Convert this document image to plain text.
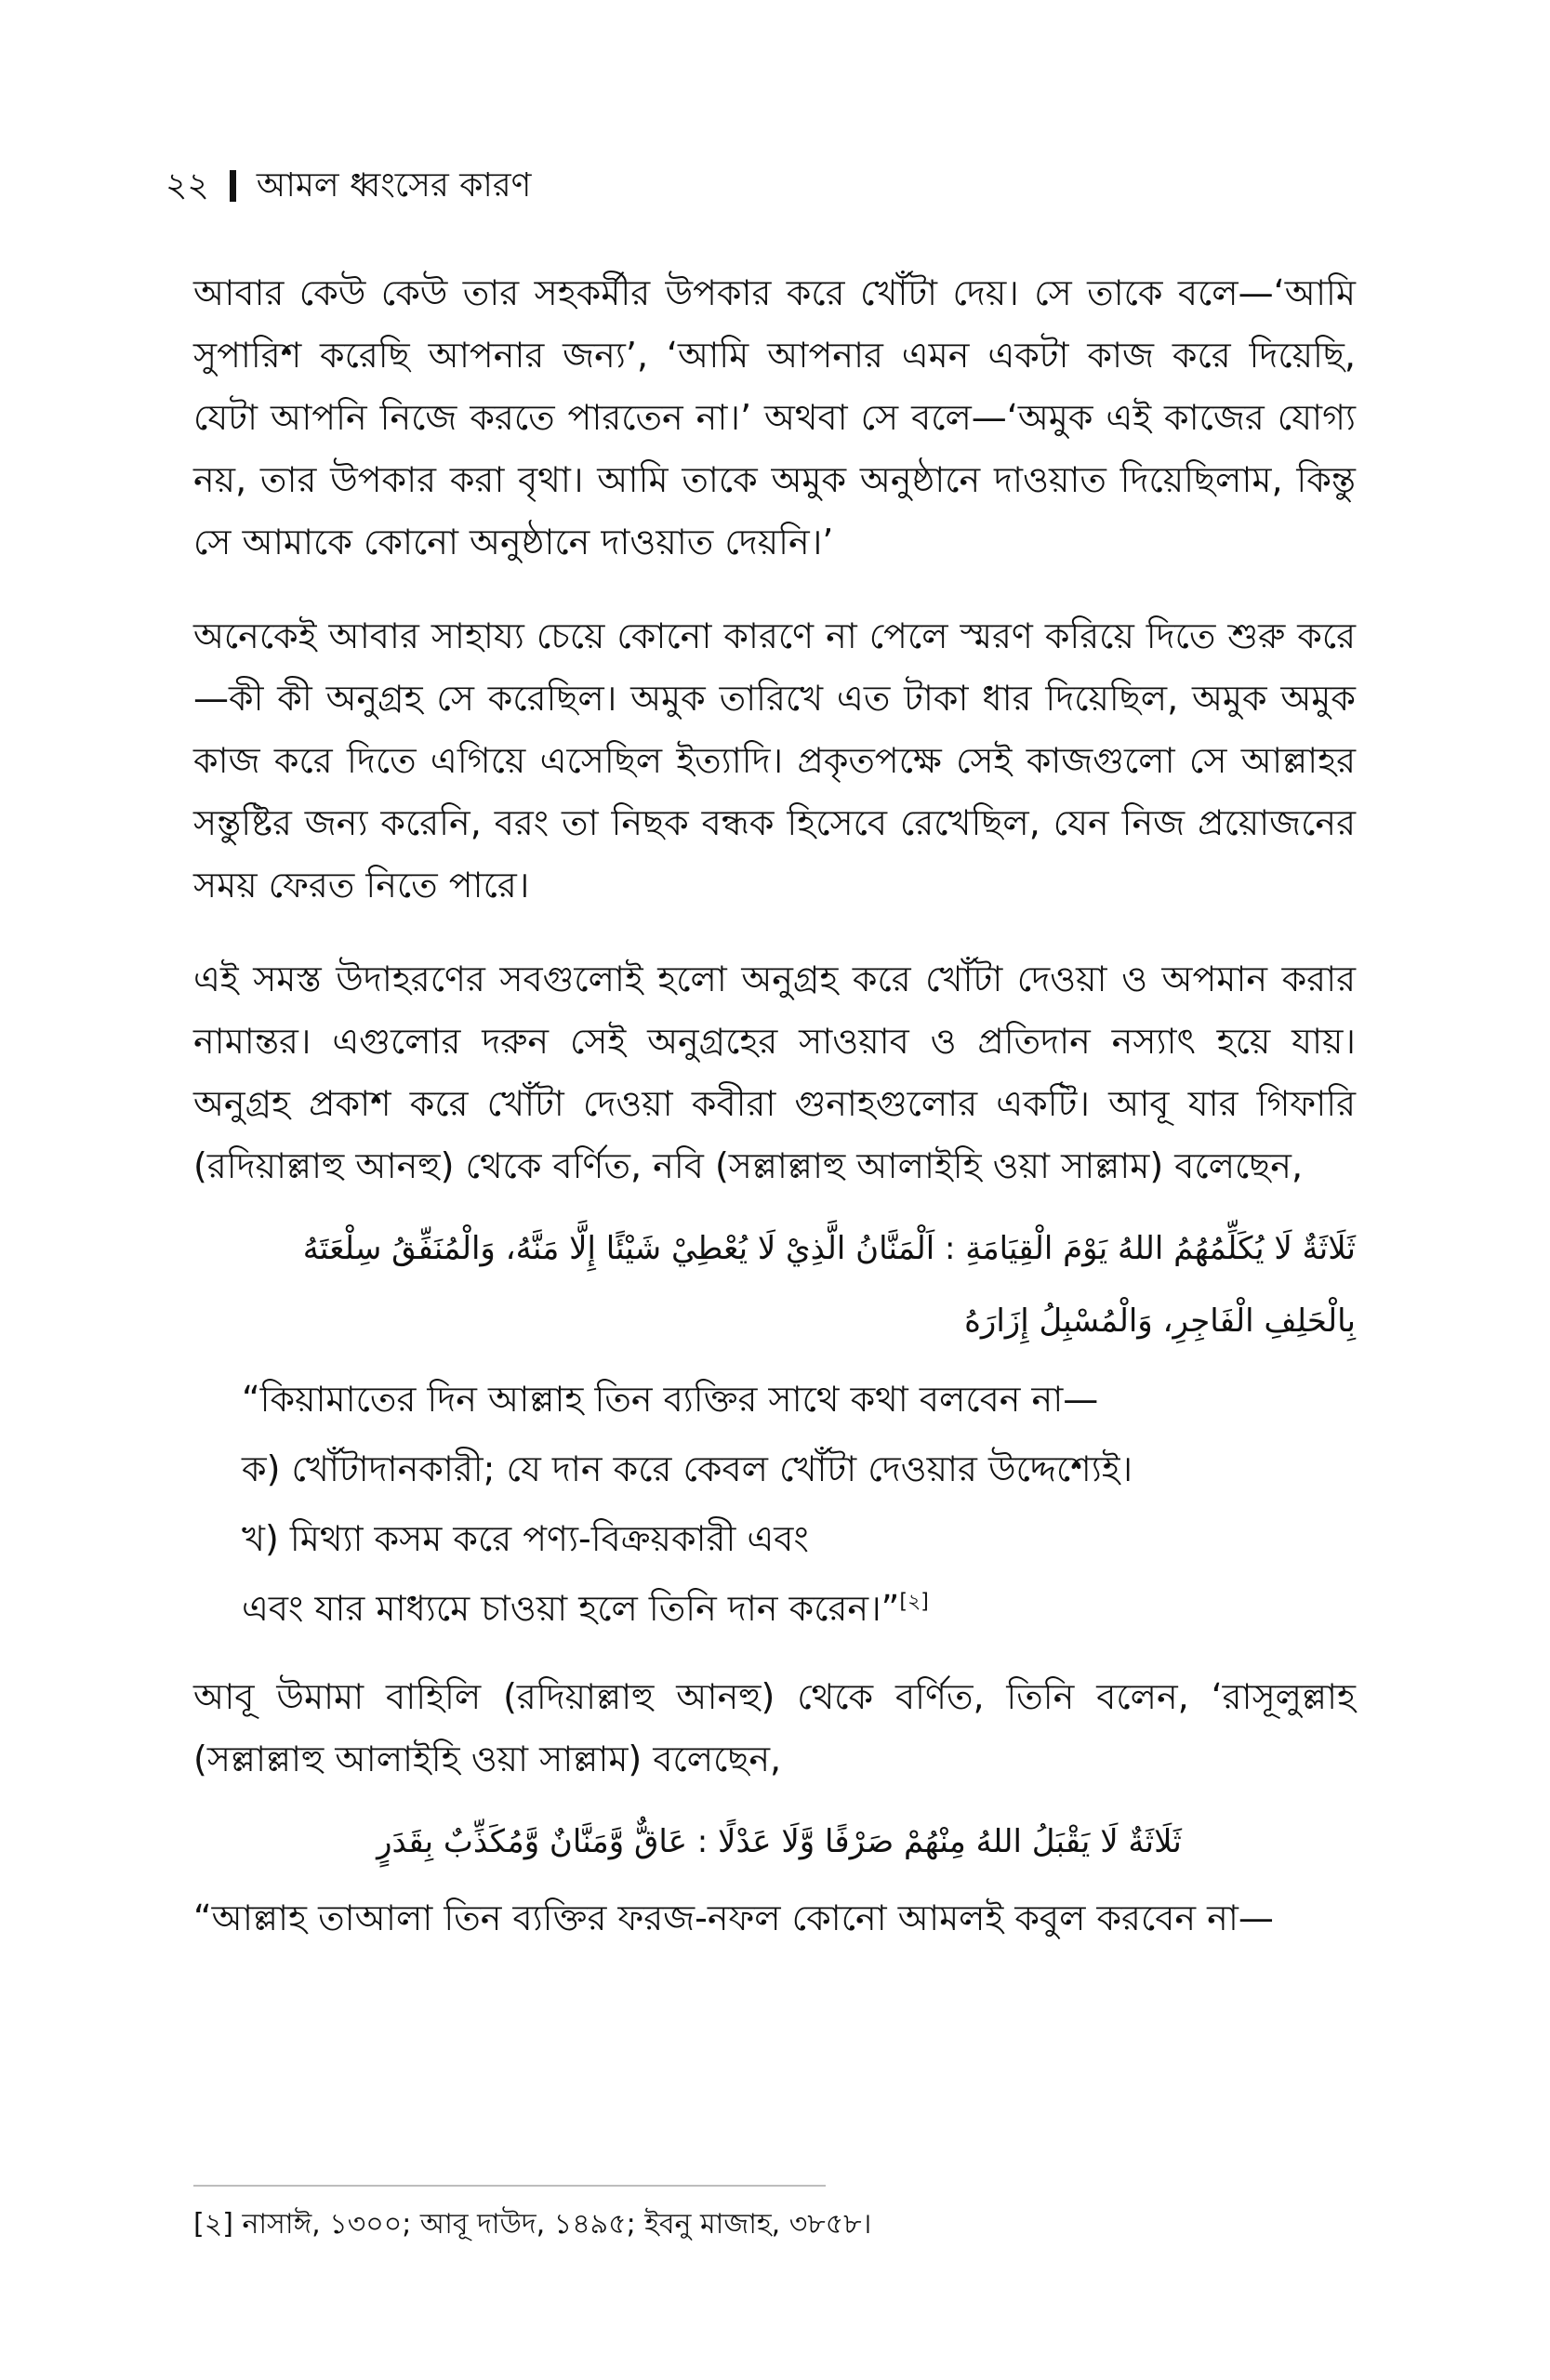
২২ আমল ধ্বংসের কারণ

আবার কেউ কেউ তার সহকর্মীর উপকার করে খোঁটা দেয়। সে তাকে বলে—‘আমি সুপারিশ করেছি আপনার জন্য’, ‘আমি আপনার এমন একটা কাজ করে দিয়েছি, যেটা আপনি নিজে করতে পারতেন না।’ অথবা সে বলে—‘অমুক এই কাজের যোগ্য নয়, তার উপকার করা বৃথা। আমি তাকে অমুক অনুষ্ঠানে দাওয়াত দিয়েছিলাম, কিন্তু সে আমাকে কোনো অনুষ্ঠানে দাওয়াত দেয়নি।’

অনেকেই আবার সাহায্য চেয়ে কোনো কারণে না পেলে স্মরণ করিয়ে দিতে শুরু করে—কী কী অনুগ্রহ সে করেছিল। অমুক তারিখে এত টাকা ধার দিয়েছিল, অমুক অমুক কাজ করে দিতে এগিয়ে এসেছিল ইত্যাদি। প্রকৃতপক্ষে সেই কাজগুলো সে আল্লাহর সন্তুষ্টির জন্য করেনি, বরং তা নিছক বন্ধক হিসেবে রেখেছিল, যেন নিজ প্রয়োজনের সময় ফেরত নিতে পারে।

এই সমস্ত উদাহরণের সবগুলোই হলো অনুগ্রহ করে খোঁটা দেওয়া ও অপমান করার নামান্তর। এগুলোর দরুন সেই অনুগ্রহের সাওয়াব ও প্রতিদান নস্যাৎ হয়ে যায়। অনুগ্রহ প্রকাশ করে খোঁটা দেওয়া কবীরা গুনাহগুলোর একটি। আবূ যার গিফারি (রদিয়াল্লাহু আনহু) থেকে বর্ণিত, নবি (সল্লাল্লাহু আলাইহি ওয়া সাল্লাম) বলেছেন,

ثَلَاثَةٌ لَا يُكَلِّمُهُمُ اللهُ يَوْمَ الْقِيَامَةِ : اَلْمَنَّانُ الَّذِيْ لَا يُعْطِيْ شَيْئًا إِلَّا مَنَّهُ، وَالْمُنَفِّقُ سِلْعَتَهُ بِالْحَلِفِ الْفَاجِرِ، وَالْمُسْبِلُ إِزَارَهُ

“কিয়ামাতের দিন আল্লাহ তিন ব্যক্তির সাথে কথা বলবেন না—

ক) খোঁটাদানকারী; যে দান করে কেবল খোঁটা দেওয়ার উদ্দেশ্যেই।

খ) মিথ্যা কসম করে পণ্য-বিক্রয়কারী এবং

এবং যার মাধ্যমে চাওয়া হলে তিনি দান করেন।”[২]

আবূ উমামা বাহিলি (রদিয়াল্লাহু আনহু) থেকে বর্ণিত, তিনি বলেন, ‘রাসূলুল্লাহ (সল্লাল্লাহু আলাইহি ওয়া সাল্লাম) বলেছেন,

ثَلَاثَةٌ لَا يَقْبَلُ اللهُ مِنْهُمْ صَرْفًا وَّلَا عَدْلًا : عَاقٌّ وَّمَنَّانٌ وَّمُكَذِّبٌ بِقَدَرٍ

“আল্লাহ তাআলা তিন ব্যক্তির ফরজ-নফল কোনো আমলই কবুল করবেন না—

[২] নাসাঈ, ১৩০০; আবূ দাউদ, ১৪৯৫; ইবনু মাজাহ, ৩৮৫৮।
